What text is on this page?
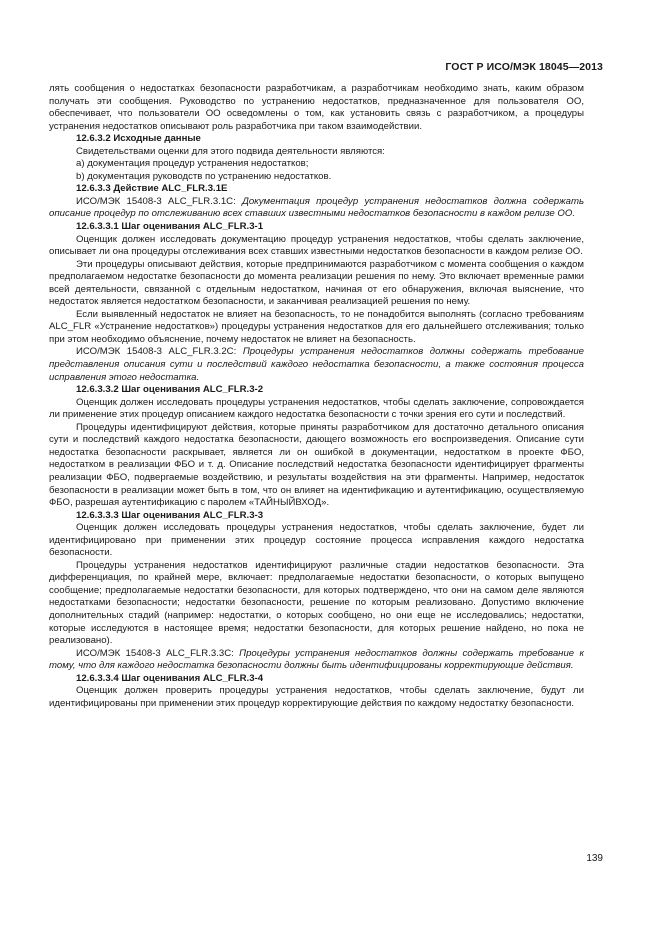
ГОСТ Р ИСО/МЭК 18045—2013

лять сообщения о недостатках безопасности разработчикам, а разработчикам необходимо знать, каким образом получать эти сообщения. Руководство по устранению недостатков, предназначенное для пользователя ОО, обеспечивает, что пользователи ОО осведомлены о том, как установить связь с разработчиком, а процедуры устранения недостатков описывают роль разработчика при таком взаимодействии.

12.6.3.2 Исходные данные

Свидетельствами оценки для этого подвида деятельности являются:

a) документация процедур устранения недостатков;

b) документация руководств по устранению недостатков.

12.6.3.3 Действие ALC_FLR.3.1E

ИСО/МЭК 15408-3 ALC_FLR.3.1С: Документация процедур устранения недостатков должна содержать описание процедур по отслеживанию всех ставших известными недостатков безопасности в каждом релизе ОО.

12.6.3.3.1 Шаг оценивания ALC_FLR.3-1

Оценщик должен исследовать документацию процедур устранения недостатков, чтобы сделать заключение, описывает ли она процедуры отслеживания всех ставших известными недостатков безопасности в каждом релизе ОО.

Эти процедуры описывают действия, которые предпринимаются разработчиком с момента сообщения о каждом предполагаемом недостатке безопасности до момента реализации решения по нему. Это включает временные рамки всей деятельности, связанной с отдельным недостатком, начиная от его обнаружения, включая выяснение, что недостаток является недостатком безопасности, и заканчивая реализацией решения по нему.

Если выявленный недостаток не влияет на безопасность, то не понадобится выполнять (согласно требованиям ALC_FLR «Устранение недостатков») процедуры устранения недостатков для его дальнейшего отслеживания; только при этом необходимо объяснение, почему недостаток не влияет на безопасность.

ИСО/МЭК 15408-3 ALC_FLR.3.2С: Процедуры устранения недостатков должны содержать требование представления описания сути и последствий каждого недостатка безопасности, а также состояния процесса исправления этого недостатка.

12.6.3.3.2 Шаг оценивания ALC_FLR.3-2

Оценщик должен исследовать процедуры устранения недостатков, чтобы сделать заключение, сопровождается ли применение этих процедур описанием каждого недостатка безопасности с точки зрения его сути и последствий.

Процедуры идентифицируют действия, которые приняты разработчиком для достаточно детального описания сути и последствий каждого недостатка безопасности, дающего возможность его воспроизведения. Описание сути недостатка безопасности раскрывает, является ли он ошибкой в документации, недостатком в проекте ФБО, недостатком в реализации ФБО и т. д. Описание последствий недостатка безопасности идентифицирует фрагменты реализации ФБО, подвергаемые воздействию, и результаты воздействия на эти фрагменты. Например, недостаток безопасности в реализации может быть в том, что он влияет на идентификацию и аутентификацию, осуществляемую ФБО, разрешая аутентификацию с паролем «ТАЙНЫЙВХОД».

12.6.3.3.3 Шаг оценивания ALC_FLR.3-3

Оценщик должен исследовать процедуры устранения недостатков, чтобы сделать заключение, будет ли идентифицировано при применении этих процедур состояние процесса исправления каждого недостатка безопасности.

Процедуры устранения недостатков идентифицируют различные стадии недостатков безопасности. Эта дифференциация, по крайней мере, включает: предполагаемые недостатки безопасности, о которых выпущено сообщение; предполагаемые недостатки безопасности, для которых подтверждено, что они на самом деле являются недостатками безопасности; недостатки безопасности, решение по которым реализовано. Допустимо включение дополнительных стадий (например: недостатки, о которых сообщено, но они еще не исследовались; недостатки, которые исследуются в настоящее время; недостатки безопасности, для которых решение найдено, но пока не реализовано).

ИСО/МЭК 15408-3 ALC_FLR.3.3С: Процедуры устранения недостатков должны содержать требование к тому, что для каждого недостатка безопасности должны быть идентифицированы корректирующие действия.

12.6.3.3.4 Шаг оценивания ALC_FLR.3-4

Оценщик должен проверить процедуры устранения недостатков, чтобы сделать заключение, будут ли идентифицированы при применении этих процедур корректирующие действия по каждому недостатку безопасности.

139
